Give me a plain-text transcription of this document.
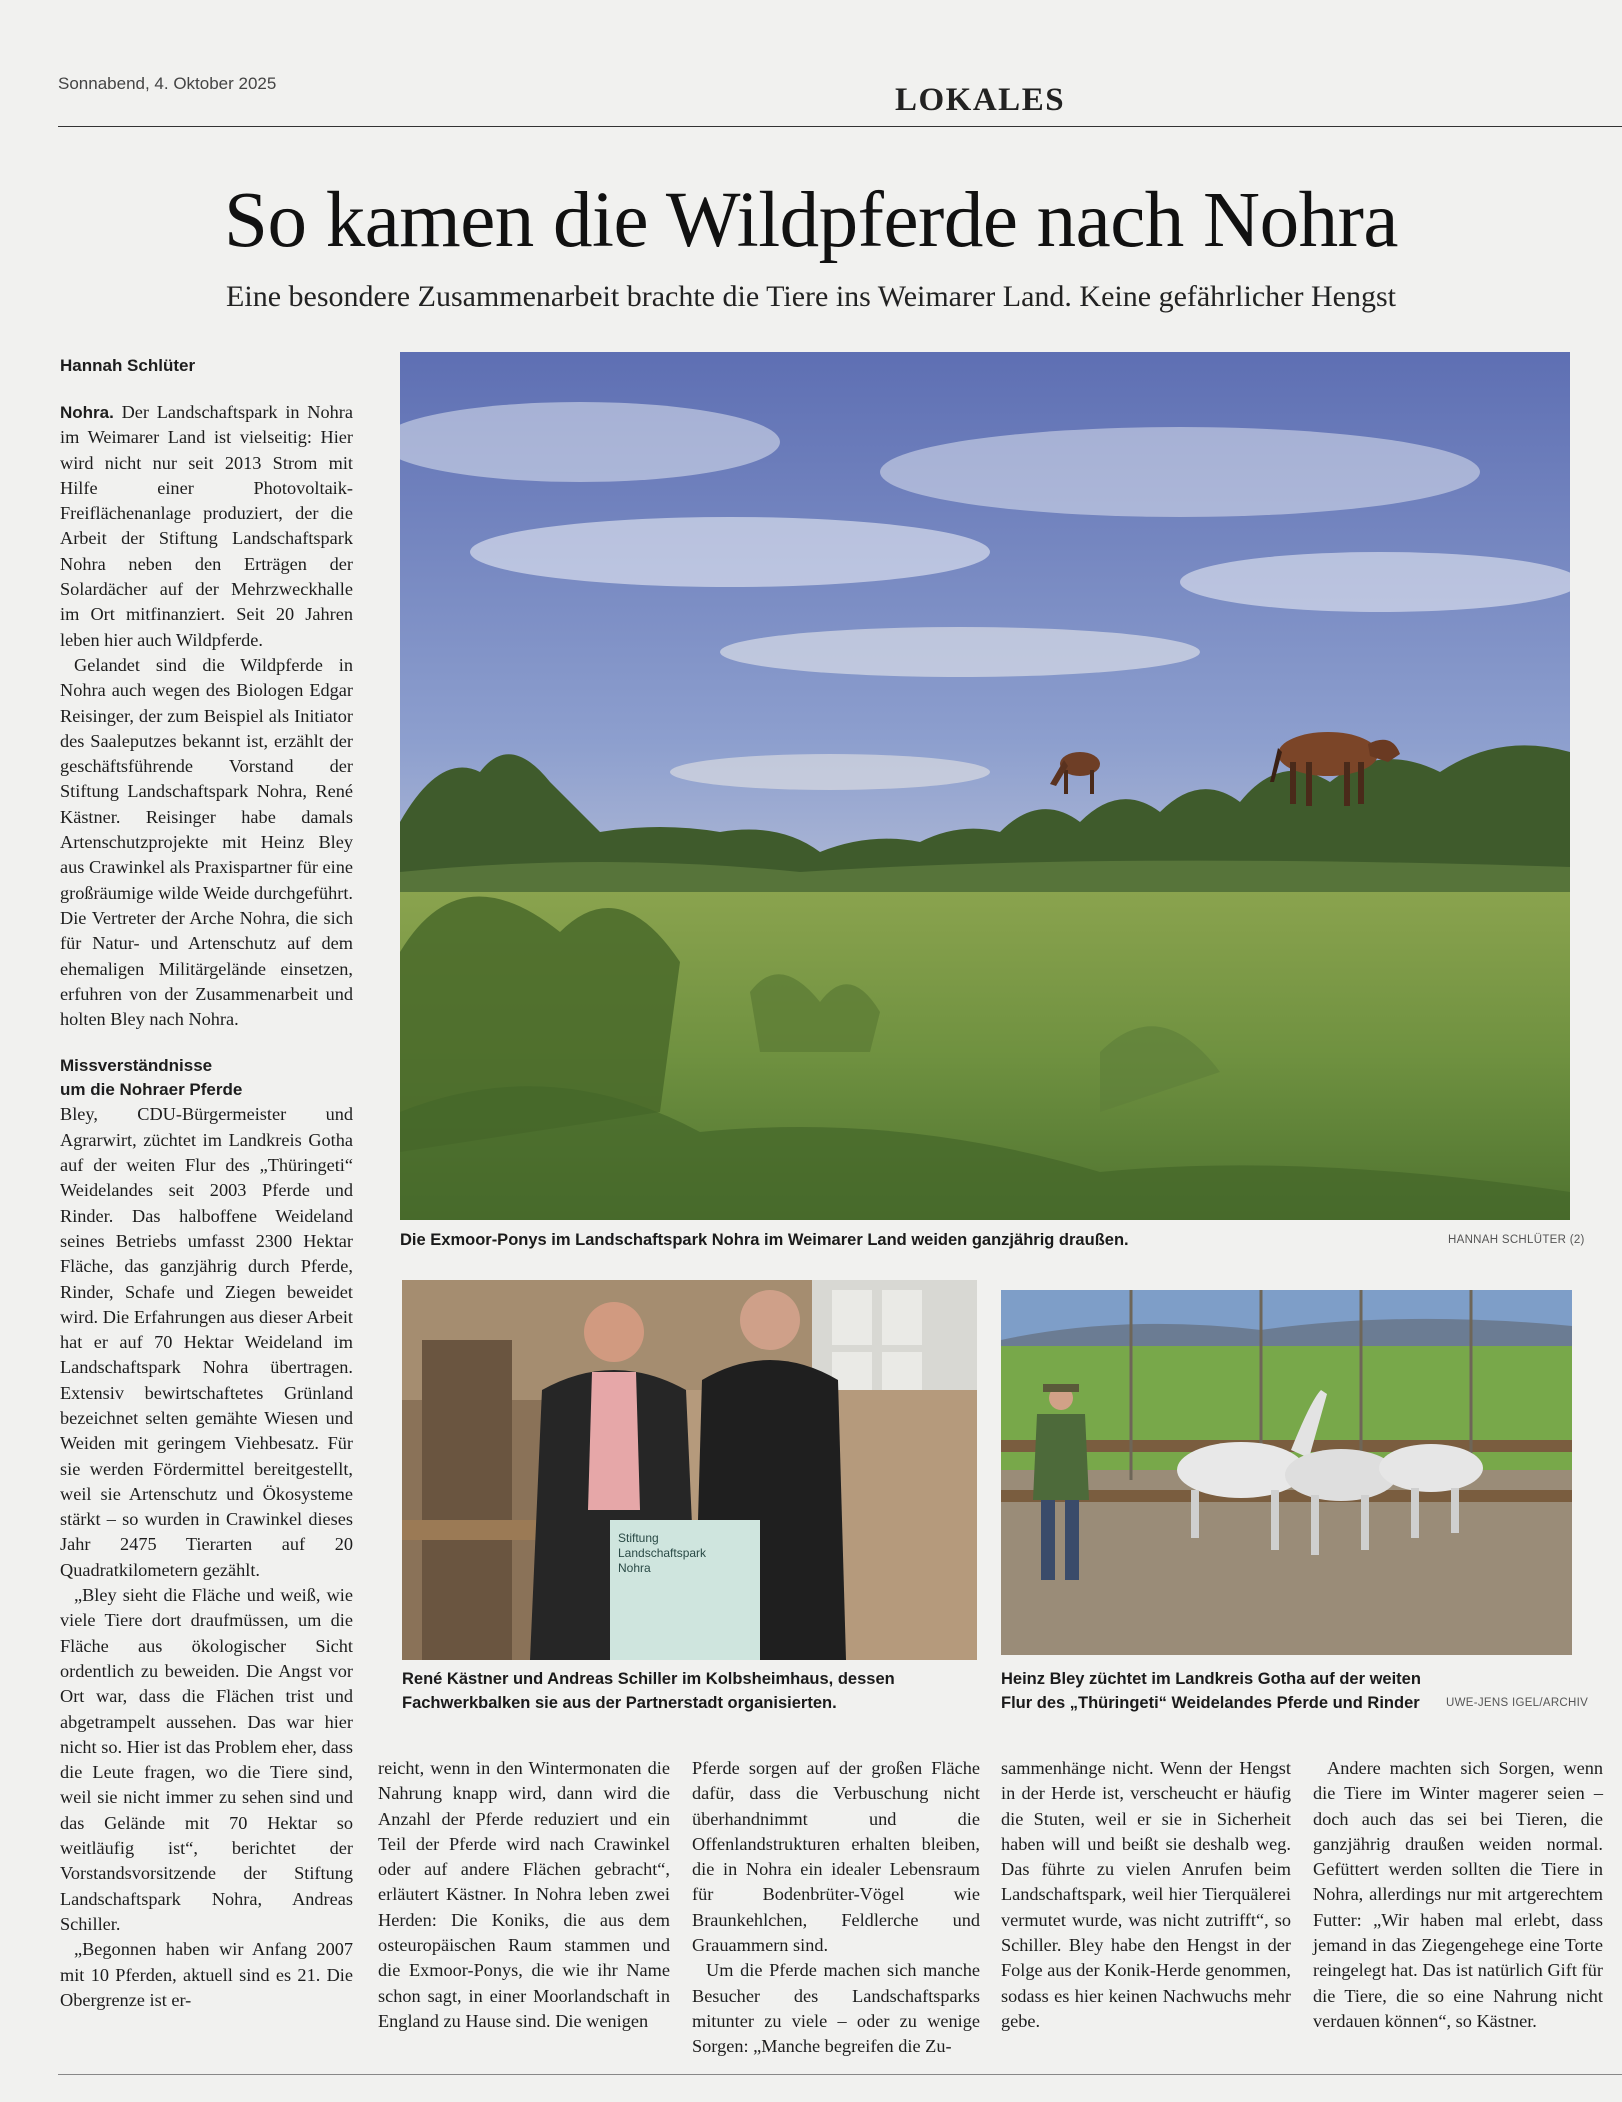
Sonnabend, 4. Oktober 2025	LOKALES
So kamen die Wildpferde nach Nohra
Eine besondere Zusammenarbeit brachte die Tiere ins Weimarer Land. Keine gefährlicher Hengst
Hannah Schlüter

Nohra. Der Landschaftspark in Nohra im Weimarer Land ist vielseitig: Hier wird nicht nur seit 2013 Strom mit Hilfe einer Photovoltaik-Freiflächenanlage produziert, der die Arbeit der Stiftung Landschaftspark Nohra neben den Erträgen der Solardächer auf der Mehrzweckhalle im Ort mitfinanziert. Seit 20 Jahren leben hier auch Wildpferde.

Gelandet sind die Wildpferde in Nohra auch wegen des Biologen Edgar Reisinger, der zum Beispiel als Initiator des Saaleputzes bekannt ist, erzählt der geschäftsführende Vorstand der Stiftung Landschaftspark Nohra, René Kästner. Reisinger habe damals Artenschutzprojekte mit Heinz Bley aus Crawinkel als Praxispartner für eine großräumige wilde Weide durchgeführt. Die Vertreter der Arche Nohra, die sich für Natur- und Artenschutz auf dem ehemaligen Militärgelände einsetzen, erfuhren von der Zusammenarbeit und holten Bley nach Nohra.

Missverständnisse
um die Nohraer Pferde

Bley, CDU-Bürgermeister und Agrarwirt, züchtet im Landkreis Gotha auf der weiten Flur des „Thüringeti“ Weidelandes seit 2003 Pferde und Rinder. Das halboffene Weideland seines Betriebs umfasst 2300 Hektar Fläche, das ganzjährig durch Pferde, Rinder, Schafe und Ziegen beweidet wird. Die Erfahrungen aus dieser Arbeit hat er auf 70 Hektar Weideland im Landschaftspark Nohra übertragen. Extensiv bewirtschaftetes Grünland bezeichnet selten gemähte Wiesen und Weiden mit geringem Viehbesatz. Für sie werden Fördermittel bereitgestellt, weil sie Artenschutz und Ökosysteme stärkt – so wurden in Crawinkel dieses Jahr 2475 Tierarten auf 20 Quadratkilometern gezählt.

„Bley sieht die Fläche und weiß, wie viele Tiere dort draufmüssen, um die Fläche aus ökologischer Sicht ordentlich zu beweiden. Die Angst vor Ort war, dass die Flächen trist und abgetrampelt aussehen. Das war hier nicht so. Hier ist das Problem eher, dass die Leute fragen, wo die Tiere sind, weil sie nicht immer zu sehen sind und das Gelände mit 70 Hektar so weitläufig ist“, berichtet der Vorstandsvorsitzende der Stiftung Landschaftspark Nohra, Andreas Schiller.

„Begonnen haben wir Anfang 2007 mit 10 Pferden, aktuell sind es 21. Die Obergrenze ist er-

Die Exmoor-Ponys im Landschaftspark Nohra im Weimarer Land weiden ganzjährig draußen.	HANNAH SCHLÜTER (2)
Stiftung
Landschaftspark
Nohra
René Kästner und Andreas Schiller im Kolbsheimhaus, dessen Fachwerkbalken sie aus der Partnerstadt organisierten.
Heinz Bley züchtet im Landkreis Gotha auf der weiten Flur des „Thüringeti“ Weidelandes Pferde und Rinder	UWE-JENS IGEL/ARCHIV

reicht, wenn in den Wintermonaten die Nahrung knapp wird, dann wird die Anzahl der Pferde reduziert und ein Teil der Pferde wird nach Crawinkel oder auf andere Flächen gebracht“, erläutert Kästner. In Nohra leben zwei Herden: Die Koniks, die aus dem osteuropäischen Raum stammen und die Exmoor-Ponys, die wie ihr Name schon sagt, in einer Moorlandschaft in England zu Hause sind. Die wenigen

Pferde sorgen auf der großen Fläche dafür, dass die Verbuschung nicht überhandnimmt und die Offenlandstrukturen erhalten bleiben, die in Nohra ein idealer Lebensraum für Bodenbrüter-Vögel wie Braunkehlchen, Feldlerche und Grauammern sind.

Um die Pferde machen sich manche Besucher des Landschaftsparks mitunter zu viele – oder zu wenige Sorgen: „Manche begreifen die Zu-

sammenhänge nicht. Wenn der Hengst in der Herde ist, verscheucht er häufig die Stuten, weil er sie in Sicherheit haben will und beißt sie deshalb weg. Das führte zu vielen Anrufen beim Landschaftspark, weil hier Tierquälerei vermutet wurde, was nicht zutrifft“, so Schiller. Bley habe den Hengst in der Folge aus der Konik-Herde genommen, sodass es hier keinen Nachwuchs mehr gebe.

Andere machten sich Sorgen, wenn die Tiere im Winter magerer seien – doch auch das sei bei Tieren, die ganzjährig draußen weiden normal. Gefüttert werden sollten die Tiere in Nohra, allerdings nur mit artgerechtem Futter: „Wir haben mal erlebt, dass jemand in das Ziegengehege eine Torte reingelegt hat. Das ist natürlich Gift für die Tiere, die so eine Nahrung nicht verdauen können“, so Kästner.
